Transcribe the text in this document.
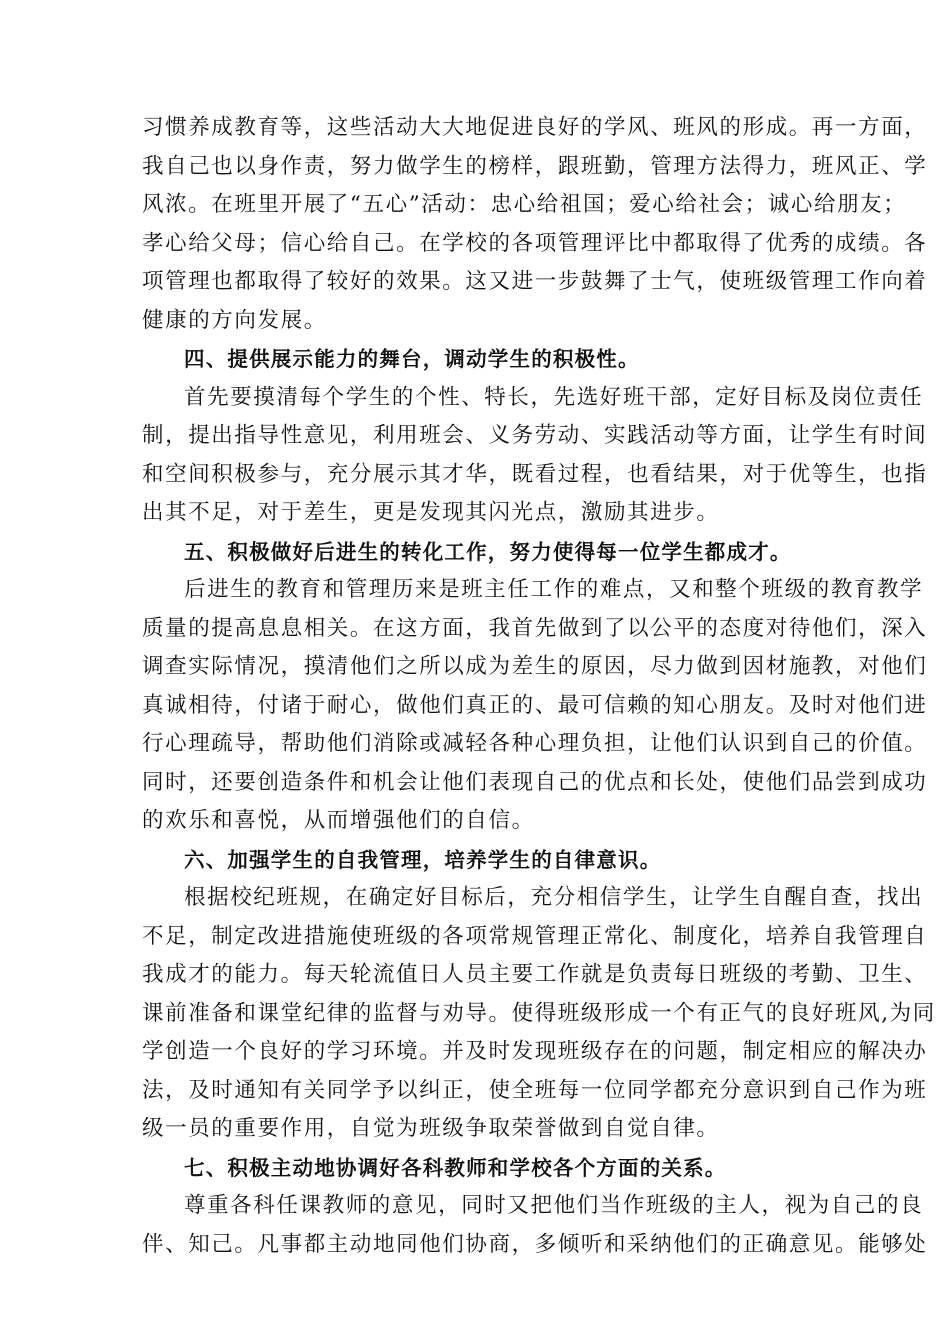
习惯养成教育等，这些活动大大地促进良好的学风、班风的形成。再一方面，
我自己也以身作责，努力做学生的榜样，跟班勤，管理方法得力，班风正、学
风浓。在班里开展了“五心”活动：忠心给祖国；爱心给社会；诚心给朋友；
孝心给父母；信心给自己。在学校的各项管理评比中都取得了优秀的成绩。各
项管理也都取得了较好的效果。这又进一步鼓舞了士气，使班级管理工作向着
健康的方向发展。
四、提供展示能力的舞台，调动学生的积极性。
首先要摸清每个学生的个性、特长，先选好班干部，定好目标及岗位责任
制，提出指导性意见，利用班会、义务劳动、实践活动等方面，让学生有时间
和空间积极参与，充分展示其才华，既看过程，也看结果，对于优等生，也指
出其不足，对于差生，更是发现其闪光点，激励其进步。
五、积极做好后进生的转化工作，努力使得每一位学生都成才。
后进生的教育和管理历来是班主任工作的难点，又和整个班级的教育教学
质量的提高息息相关。在这方面，我首先做到了以公平的态度对待他们，深入
调查实际情况，摸清他们之所以成为差生的原因，尽力做到因材施教，对他们
真诚相待，付诸于耐心，做他们真正的、最可信赖的知心朋友。及时对他们进
行心理疏导，帮助他们消除或减轻各种心理负担，让他们认识到自己的价值。
同时，还要创造条件和机会让他们表现自己的优点和长处，使他们品尝到成功
的欢乐和喜悦，从而增强他们的自信。
六、加强学生的自我管理，培养学生的自律意识。
根据校纪班规，在确定好目标后，充分相信学生，让学生自醒自查，找出
不足，制定改进措施使班级的各项常规管理正常化、制度化，培养自我管理自
我成才的能力。每天轮流值日人员主要工作就是负责每日班级的考勤、卫生、
课前准备和课堂纪律的监督与劝导。使得班级形成一个有正气的良好班风,为同
学创造一个良好的学习环境。并及时发现班级存在的问题，制定相应的解决办
法，及时通知有关同学予以纠正，使全班每一位同学都充分意识到自己作为班
级一员的重要作用，自觉为班级争取荣誉做到自觉自律。
七、积极主动地协调好各科教师和学校各个方面的关系。
尊重各科任课教师的意见，同时又把他们当作班级的主人，视为自己的良
伴、知己。凡事都主动地同他们协商，多倾听和采纳他们的正确意见。能够处
